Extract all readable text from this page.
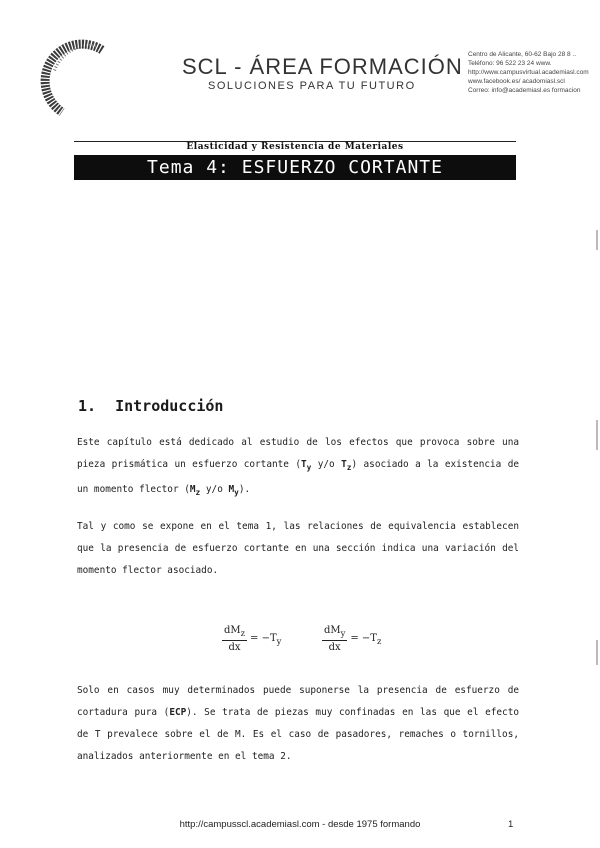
SCL - ÁREA FORMACIÓN
SOLUCIONES PARA TU FUTURO
Centro de Alicante, 60-62 Bajo 28 8 ..
Teléfono: 96 522 23 24 www.
http://www.campusvirtual.academiasl.com
www.facebook.es/ acadomiasl.scl
Correo: info@academiasl.es formacion
Elasticidad y Resistencia de Materiales
Tema 4: ESFUERZO CORTANTE
1. Introducción
Este capítulo está dedicado al estudio de los efectos que provoca sobre una pieza prismática un esfuerzo cortante ($T_y$ y/o $T_z$) asociado a la existencia de un momento flector ($M_z$ y/o $M_y$).
Tal y como se expone en el tema 1, las relaciones de equivalencia establecen que la presencia de esfuerzo cortante en una sección indica una variación del momento flector asociado.
$\frac{dM_z}{dx} = -T_y$	$\frac{dM_y}{dx} = -T_z$
Solo en casos muy determinados puede suponerse la presencia de esfuerzo de cortadura pura (ECP). Se trata de piezas muy confinadas en las que el efecto de T prevalece sobre el de M. Es el caso de pasadores, remaches o tornillos, analizados anteriormente en el tema 2.
http://campusscl.academiasl.com - desde 1975 formando	1
